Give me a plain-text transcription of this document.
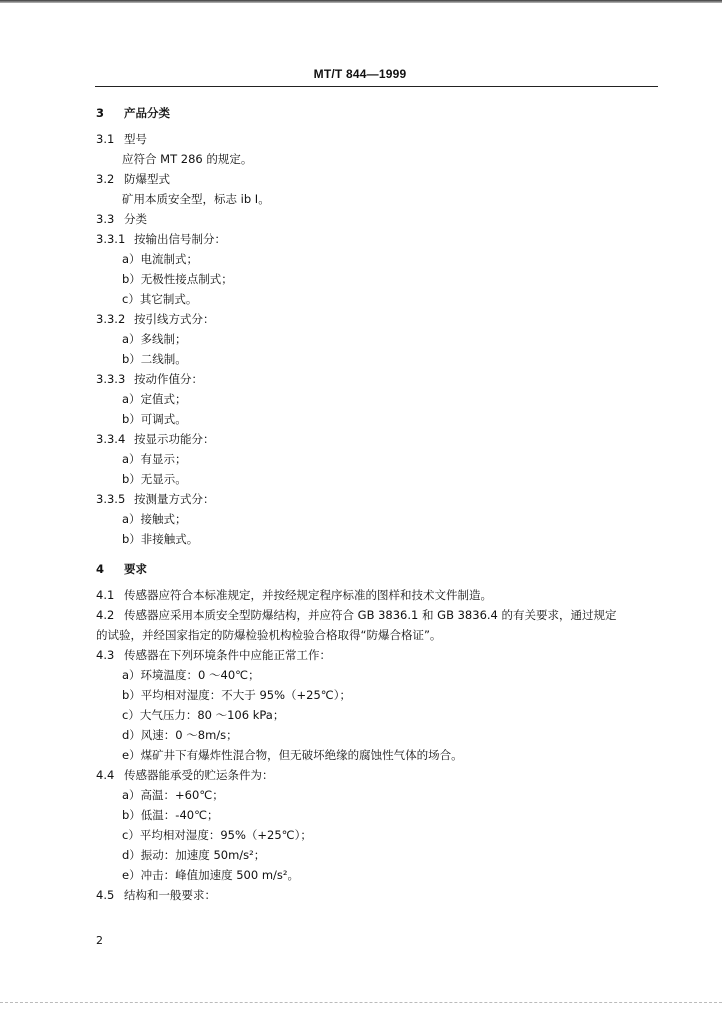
MT/T 844—1999
3 产品分类
3.1 型号
应符合 MT 286 的规定。
3.2 防爆型式
矿用本质安全型，标志 ib I。
3.3 分类
3.3.1 按输出信号制分：
a）电流制式；
b）无极性接点制式；
c）其它制式。
3.3.2 按引线方式分：
a）多线制；
b）二线制。
3.3.3 按动作值分：
a）定值式；
b）可调式。
3.3.4 按显示功能分：
a）有显示；
b）无显示。
3.3.5 按测量方式分：
a）接触式；
b）非接触式。
4 要求
4.1 传感器应符合本标准规定，并按经规定程序标准的图样和技术文件制造。
4.2 传感器应采用本质安全型防爆结构，并应符合 GB 3836.1 和 GB 3836.4 的有关要求，通过规定
的试验，并经国家指定的防爆检验机构检验合格取得“防爆合格证”。
4.3 传感器在下列环境条件中应能正常工作：
a）环境温度：0 ～40℃；
b）平均相对湿度：不大于 95%（+25℃）；
c）大气压力：80 ～106 kPa；
d）风速：0 ～8m/s；
e）煤矿井下有爆炸性混合物，但无破坏绝缘的腐蚀性气体的场合。
4.4 传感器能承受的贮运条件为：
a）高温：+60℃；
b）低温：-40℃；
c）平均相对湿度：95%（+25℃）；
d）振动：加速度 50m/s²；
e）冲击：峰值加速度 500 m/s²。
4.5 结构和一般要求：
2
